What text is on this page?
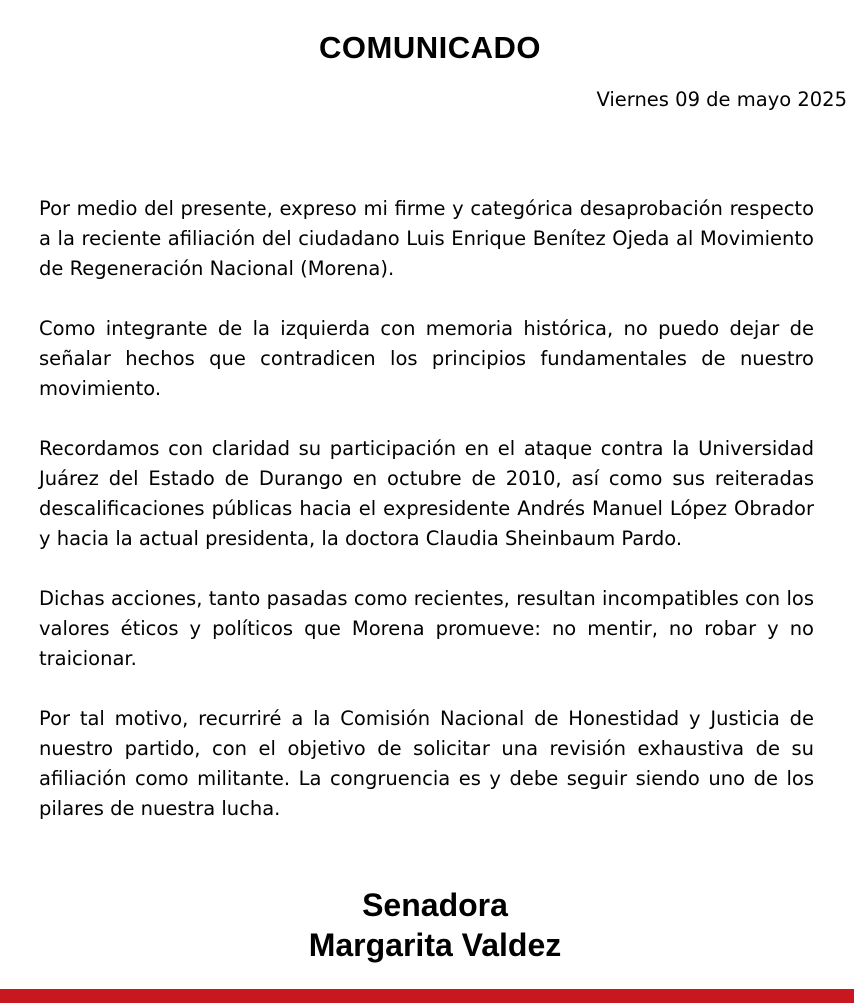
COMUNICADO

Viernes 09 de mayo 2025

Por medio del presente, expreso mi firme y categórica desaprobación respecto a la reciente afiliación del ciudadano Luis Enrique Benítez Ojeda al Movimiento de Regeneración Nacional (Morena).

Como integrante de la izquierda con memoria histórica, no puedo dejar de señalar hechos que contradicen los principios fundamentales de nuestro movimiento.

Recordamos con claridad su participación en el ataque contra la Universidad Juárez del Estado de Durango en octubre de 2010, así como sus reiteradas descalificaciones públicas hacia el expresidente Andrés Manuel López Obrador y hacia la actual presidenta, la doctora Claudia Sheinbaum Pardo.

Dichas acciones, tanto pasadas como recientes, resultan incompatibles con los valores éticos y políticos que Morena promueve: no mentir, no robar y no traicionar.

Por tal motivo, recurriré a la Comisión Nacional de Honestidad y Justicia de nuestro partido, con el objetivo de solicitar una revisión exhaustiva de su afiliación como militante. La congruencia es y debe seguir siendo uno de los pilares de nuestra lucha.

Senadora
Margarita Valdez
